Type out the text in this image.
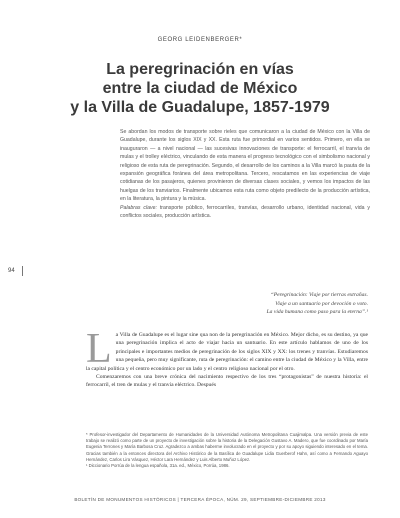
GEORG LEIDENBERGER*
La peregrinación en vías
entre la ciudad de México
y la Villa de Guadalupe, 1857-1979
Se abordan los modos de transporte sobre rieles que comunicaron a la ciudad de México con la Villa de Guadalupe, durante los siglos XIX y XX. Esta ruta fue primordial en varios sentidos. Primero, en ella se inauguraron — a nivel nacional — las sucesivas innovaciones de transporte: el ferrocarril, el tranvía de mulas y el trolley eléctrico, vinculando de esta manera el progreso tecnológico con el simbolismo nacional y religioso de esta ruta de peregrinación. Segundo, el desarrollo de los caminos a la Villa marcó la pauta de la expansión geográfica foránea del área metropolitana. Tercero, rescatamos en las experiencias de viaje cotidianas de los pasajeros, quienes provinieron de diversas clases sociales, y vemos los impactos de las huelgas de los tranviarios. Finalmente ubicamos esta ruta como objeto predilecto de la producción artística, en la literatura, la pintura y la música.
Palabras clave: transporte público, ferrocarriles, tranvías, desarrollo urbano, identidad nacional, vida y conflictos sociales, producción artística.
94
“Peregrinación: Viaje por tierras extrañas.
Viaje a un santuario por devoción o voto.
La vida humana como paso para la eterna”.¹
L a Villa de Guadalupe es el lugar sine qua non de la peregrinación en México. Mejor dicho, es su destino, ya que una peregrinación implica el acto de viajar hacia un santuario. En este artículo hablamos de uno de los principales e importantes medios de peregrinación de los siglos XIX y XX: los trenes y tranvías. Estudiaremos una pequeña, pero muy significante, ruta de peregrinación: el camino entre la ciudad de México y la Villa, entre la capital política y el centro económico por un lado y el centro religioso nacional por el otro.

Comenzaremos con una breve crónica del nacimiento respectivo de los tres “protagonistas” de nuestra historia: el ferrocarril, el tren de mulas y el tranvía eléctrico. Después

* Profesor-investigador del Departamento de Humanidades de la Universidad Autónoma Metropolitana Cuajimalpa. Una versión previa de este trabajo se realizó como parte de un proyecto de investigación sobre la historia de la Delegación Gustavo A. Madero, que fue coordinado por María Eugenia Terrones y María Barbosa Cruz. Agradezco a ambas haberme involucrado en el proyecto y por su apoyo siguiendo interesado en el tema. Gracias también a la entonces directora del Archivo Histórico de la Basílica de Guadalupe Lidia Guerberof Hahn, así como a Fernando Aguayo Hernández, Carlos Lira Vásquez, Héctor Lara Hernández y Luis Alberto Muñoz López.

¹ Diccionario Porrúa de la lengua española, 31a. ed., México, Porrúa, 1986.

BOLETÍN DE MONUMENTOS HISTÓRICOS | TERCERA ÉPOCA, NÚM. 29, SEPTIEMBRE-DICIEMBRE 2013
